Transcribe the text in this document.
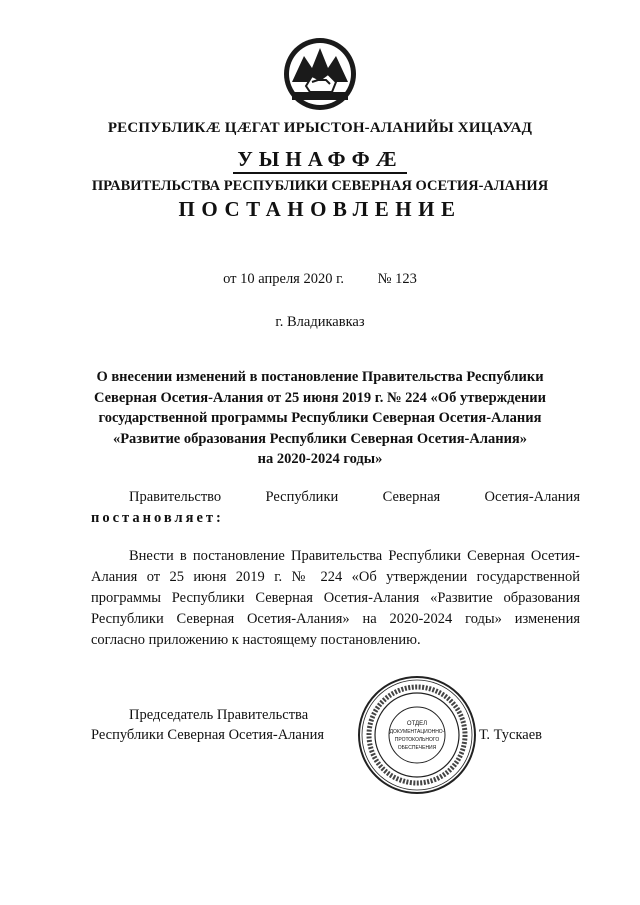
РЕСПУБЛИКӔ ЦӔГАТ ИРЫСТОН-АЛАНИЙЫ ХИЦАУАД
УЫНАФФӔ
ПРАВИТЕЛЬСТВА РЕСПУБЛИКИ СЕВЕРНАЯ ОСЕТИЯ-АЛАНИЯ
ПОСТАНОВЛЕНИЕ
от 10 апреля 2020 г. № 123
г. Владикавказ
О внесении изменений в постановление Правительства Республики
Северная Осетия-Алания от 25 июня 2019 г. № 224 «Об утверждении
государственной программы Республики Северная Осетия-Алания
«Развитие образования Республики Северная Осетия-Алания»
на 2020-2024 годы»
Правительство Республики Северная Осетия-Алания
постановляет:
Внести в постановление Правительства Республики Северная Осетия-Алания от 25 июня 2019 г. № 224 «Об утверждении государственной программы Республики Северная Осетия-Алания «Развитие образования Республики Северная Осетия-Алания» на 2020-2024 годы» изменения согласно приложению к настоящему постановлению.
Председатель Правительства
Республики Северная Осетия-Алания	Т. Тускаев
ОТДЕЛ
ДОКУМЕНТАЦИОННО-
ПРОТОКОЛЬНОГО
ОБЕСПЕЧЕНИЯ
